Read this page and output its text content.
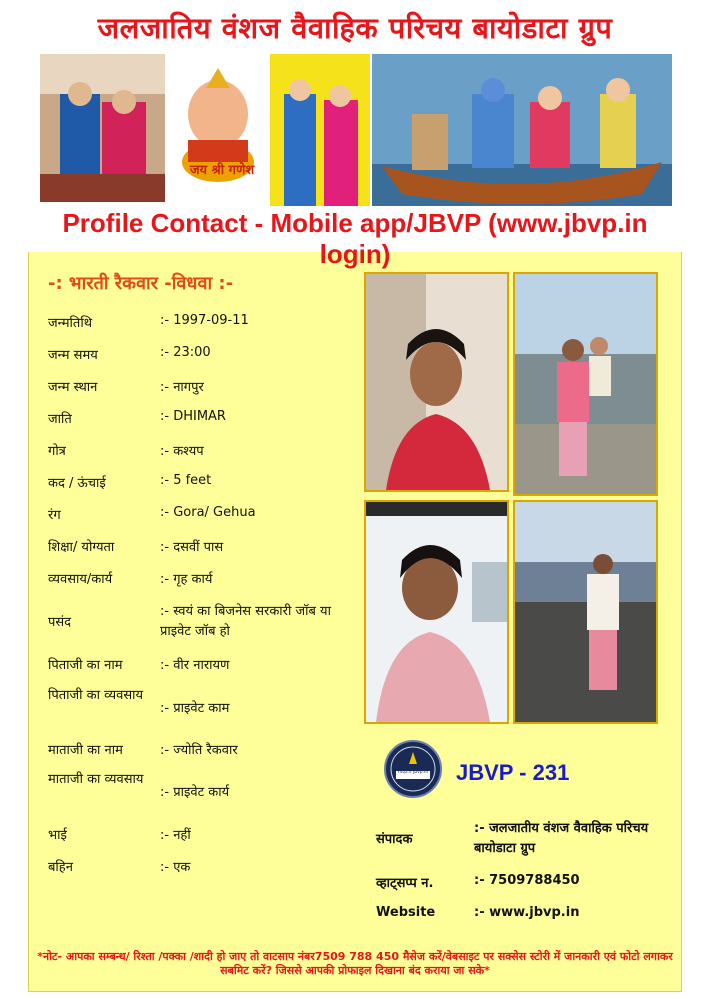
जलजातिय वंशज वैवाहिक परिचय बायोडाटा ग्रुप
जय श्री गणेश
Profile Contact - Mobile app/JBVP (www.jbvp.in login)
-: भारती रैकवार -विधवा :-
जन्मतिथि	:- 1997-09-11
जन्म समय	:- 23:00
जन्म स्थान	:- नागपुर
जाति	:- DHIMAR
गोत्र	:- कश्यप
कद / ऊंचाई	:- 5 feet
रंग	:- Gora/ Gehua
शिक्षा/ योग्यता	:- दसवीं पास
व्यवसाय/कार्य	:- गृह कार्य
पसंद
:- स्वयं का बिजनेस सरकारी जॉब या प्राइवेट जॉब हो
पिताजी का नाम	:- वीर नारायण
पिताजी का व्यवसाय
:- प्राइवेट काम
माताजी का नाम	:- ज्योति रैकवार
माताजी का व्यवसाय
:- प्राइवेट कार्य
भाई	:- नहीं
बहिन	:- एक
http:// jbvp.in JBVP - 231
संपादक
:- जलजातीय वंशज वैवाहिक परिचय बायोडाटा ग्रुप
व्हाट्सप्प न.	:- 7509788450
Website	:- www.jbvp.in
*नोट- आपका सम्बन्ध/ रिश्ता /पक्का /शादी हो जाए तो वाटसाप नंबर7509 788 450 मैसेज करें/वेबसाइट पर सक्सेस स्टोरी में जानकारी एवं फोटो लगाकर सबमिट करें? जिससे आपकी प्रोफाइल दिखाना बंद कराया जा सके*
